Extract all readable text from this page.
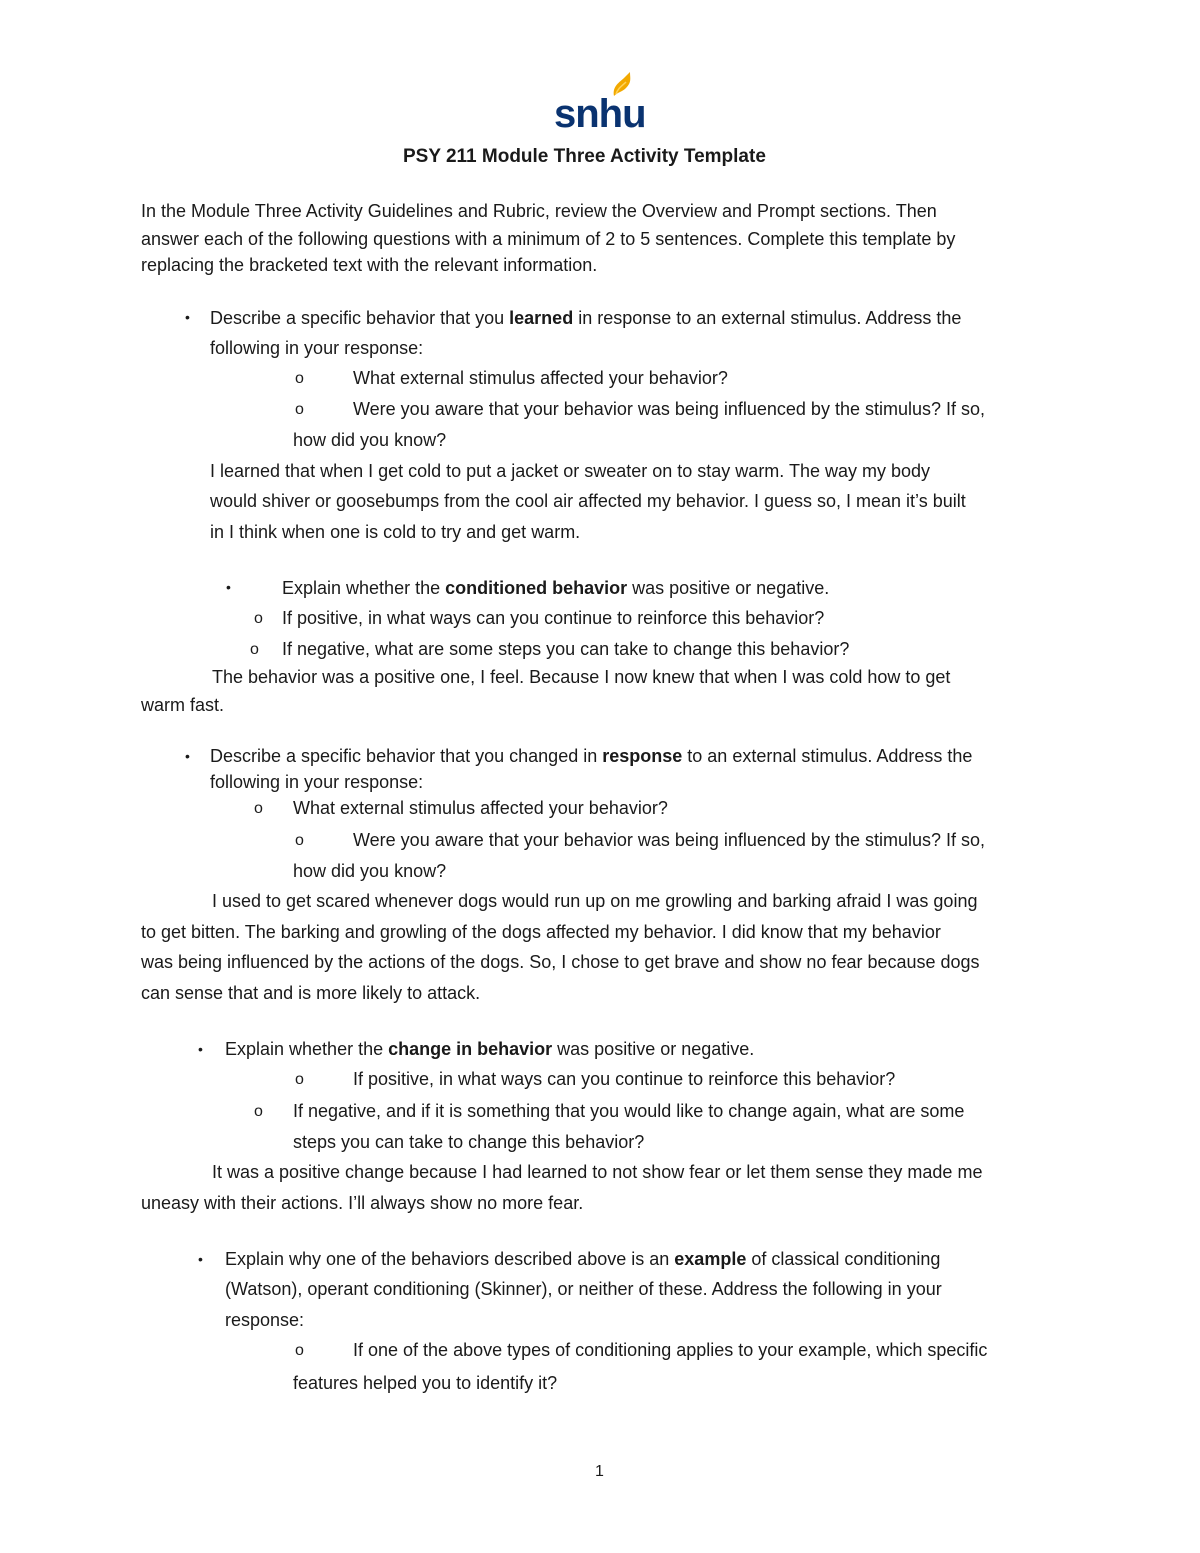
snhu
PSY 211 Module Three Activity Template
In the Module Three Activity Guidelines and Rubric, review the Overview and Prompt sections. Then
answer each of the following questions with a minimum of 2 to 5 sentences. Complete this template by
replacing the bracketed text with the relevant information.
• Describe a specific behavior that you learned in response to an external stimulus. Address the
following in your response:
o	What external stimulus affected your behavior?
o	Were you aware that your behavior was being influenced by the stimulus? If so,
how did you know?
I learned that when I get cold to put a jacket or sweater on to stay warm. The way my body
would shiver or goosebumps from the cool air affected my behavior. I guess so, I mean it’s built
in I think when one is cold to try and get warm.
•	Explain whether the conditioned behavior was positive or negative.
o If positive, in what ways can you continue to reinforce this behavior?
o If negative, what are some steps you can take to change this behavior?
The behavior was a positive one, I feel. Because I now knew that when I was cold how to get
warm fast.
• Describe a specific behavior that you changed in response to an external stimulus. Address the
following in your response:
o What external stimulus affected your behavior?
o	Were you aware that your behavior was being influenced by the stimulus? If so,
how did you know?
I used to get scared whenever dogs would run up on me growling and barking afraid I was going
to get bitten. The barking and growling of the dogs affected my behavior. I did know that my behavior
was being influenced by the actions of the dogs. So, I chose to get brave and show no fear because dogs
can sense that and is more likely to attack.
• Explain whether the change in behavior was positive or negative.
o	If positive, in what ways can you continue to reinforce this behavior?
o If negative, and if it is something that you would like to change again, what are some
steps you can take to change this behavior?
It was a positive change because I had learned to not show fear or let them sense they made me
uneasy with their actions. I’ll always show no more fear.
• Explain why one of the behaviors described above is an example of classical conditioning
(Watson), operant conditioning (Skinner), or neither of these. Address the following in your
response:
o	If one of the above types of conditioning applies to your example, which specific
features helped you to identify it?
1
